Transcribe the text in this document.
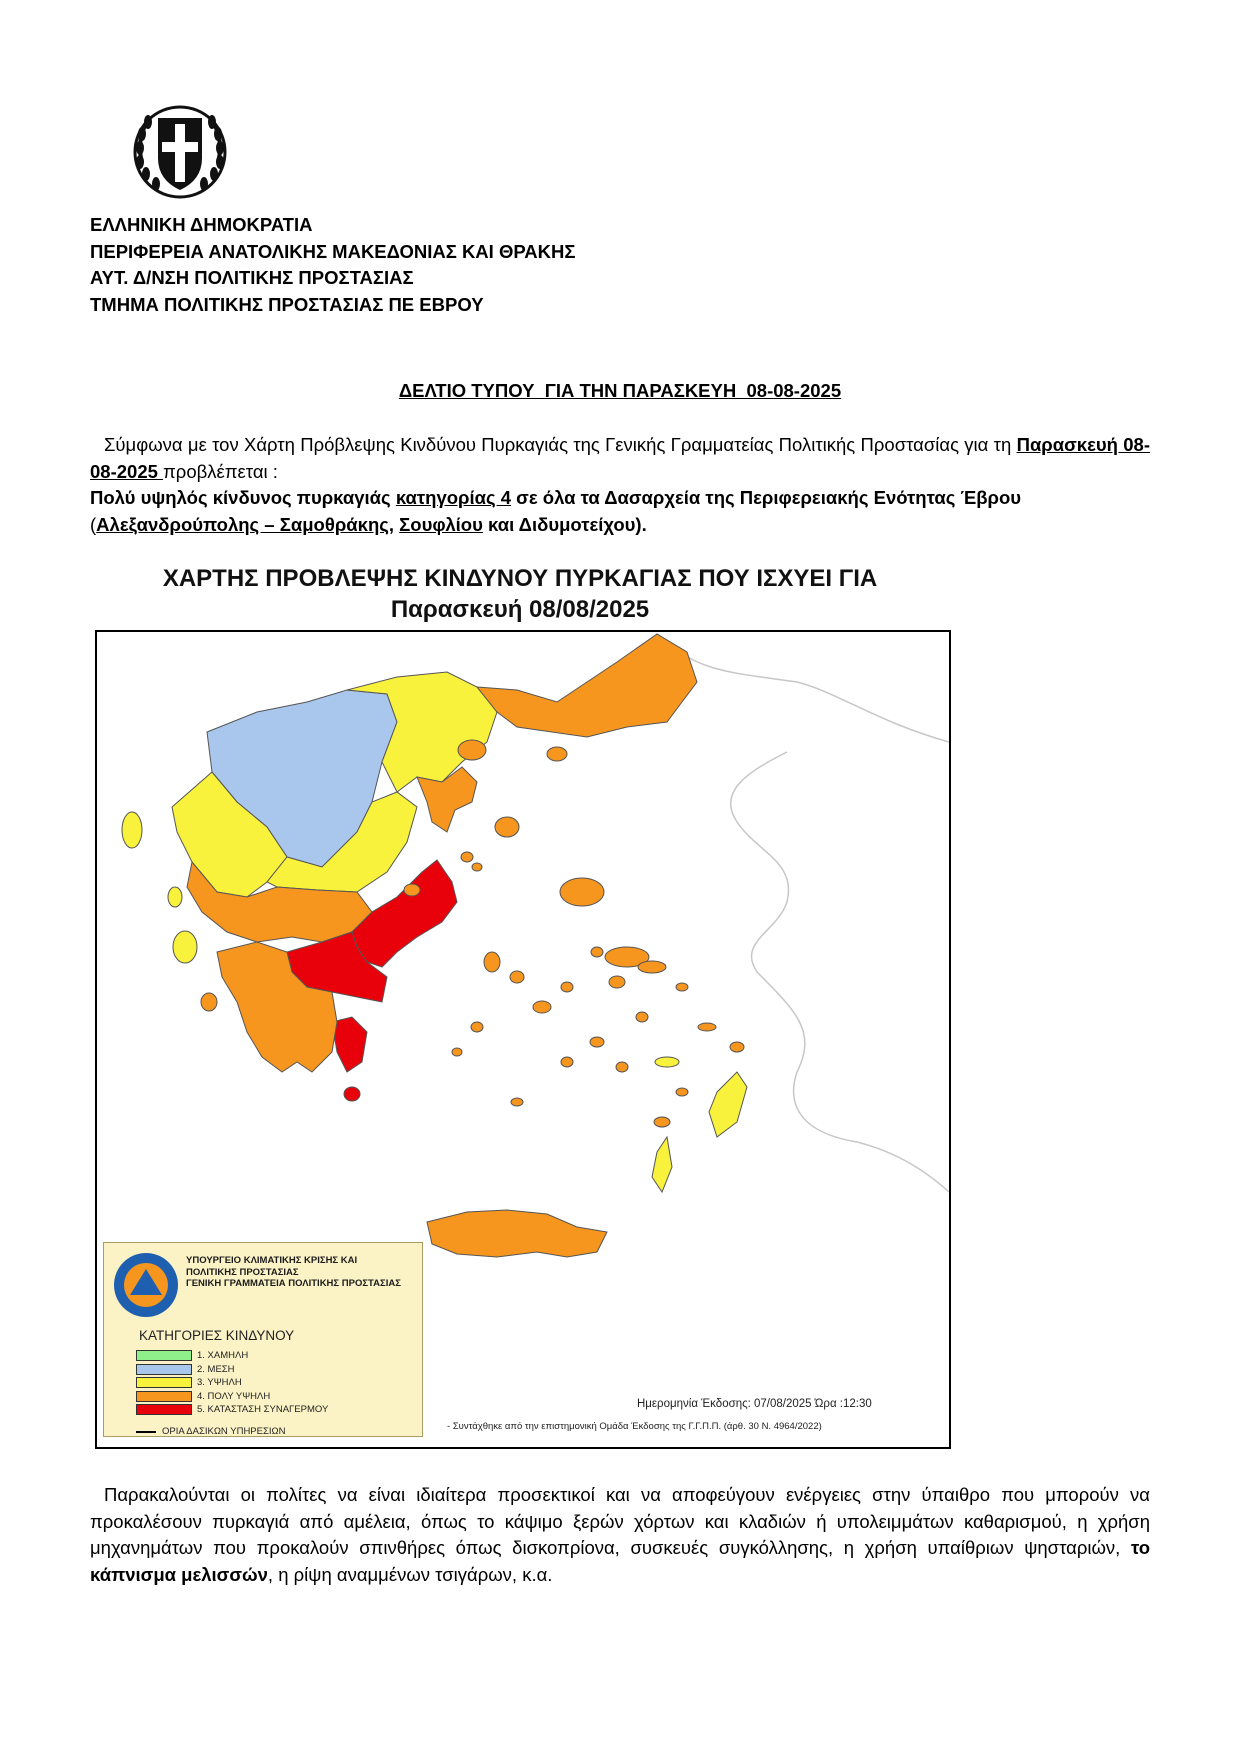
ΕΛΛΗΝΙΚΗ ΔΗΜΟΚΡΑΤΙΑ
ΠΕΡΙΦΕΡΕΙΑ ΑΝΑΤΟΛΙΚΗΣ ΜΑΚΕΔΟΝΙΑΣ ΚΑΙ ΘΡΑΚΗΣ
ΑΥΤ. Δ/ΝΣΗ ΠΟΛΙΤΙΚΗΣ ΠΡΟΣΤΑΣΙΑΣ
ΤΜΗΜΑ ΠΟΛΙΤΙΚΗΣ ΠΡΟΣΤΑΣΙΑΣ ΠΕ ΕΒΡΟΥ
ΔΕΛΤΙΟ ΤΥΠΟΥ  ΓΙΑ ΤΗΝ ΠΑΡΑΣΚΕΥΗ  08-08-2025

Σύμφωνα με τον Χάρτη Πρόβλεψης Κινδύνου Πυρκαγιάς της Γενικής Γραμματείας Πολιτικής Προστασίας για τη Παρασκευή 08-08-2025 προβλέπεται :

Πολύ υψηλός κίνδυνος πυρκαγιάς κατηγορίας 4 σε όλα τα Δασαρχεία της Περιφερειακής Ενότητας Έβρου

(Αλεξανδρούπολης – Σαμοθράκης, Σουφλίου και Διδυμοτείχου).

ΧΑΡΤΗΣ ΠΡΟΒΛΕΨΗΣ ΚΙΝΔΥΝΟΥ ΠΥΡΚΑΓΙΑΣ ΠΟΥ ΙΣΧΥΕΙ ΓΙΑ
Παρασκευή 08/08/2025
ΥΠΟΥΡΓΕΙΟ ΚΛΙΜΑΤΙΚΗΣ ΚΡΙΣΗΣ ΚΑΙ
ΠΟΛΙΤΙΚΗΣ ΠΡΟΣΤΑΣΙΑΣ
ΓΕΝΙΚΗ ΓΡΑΜΜΑΤΕΙΑ ΠΟΛΙΤΙΚΗΣ ΠΡΟΣΤΑΣΙΑΣ
ΚΑΤΗΓΟΡΙΕΣ ΚΙΝΔΥΝΟΥ
1. ΧΑΜΗΛΗ
2. ΜΕΣΗ
3. ΥΨΗΛΗ
4. ΠΟΛΥ ΥΨΗΛΗ
5. ΚΑΤΑΣΤΑΣΗ ΣΥΝΑΓΕΡΜΟΥ
ΟΡΙΑ ΔΑΣΙΚΩΝ ΥΠΗΡΕΣΙΩΝ
Ημερομηνία Έκδοσης: 07/08/2025 Ώρα :12:30
- Συντάχθηκε από την επιστημονική Ομάδα Έκδοσης της Γ.Γ.Π.Π. (άρθ. 30 Ν. 4964/2022)
Παρακαλούνται οι πολίτες να είναι ιδιαίτερα προσεκτικοί και να αποφεύγουν ενέργειες στην ύπαιθρο που μπορούν να προκαλέσουν πυρκαγιά από αμέλεια, όπως το κάψιμο ξερών χόρτων και κλαδιών ή υπολειμμάτων καθαρισμού, η χρήση μηχανημάτων που προκαλούν σπινθήρες όπως δισκοπρίονα, συσκευές συγκόλλησης, η χρήση υπαίθριων ψησταριών, το κάπνισμα μελισσών, η ρίψη αναμμένων τσιγάρων, κ.α.
